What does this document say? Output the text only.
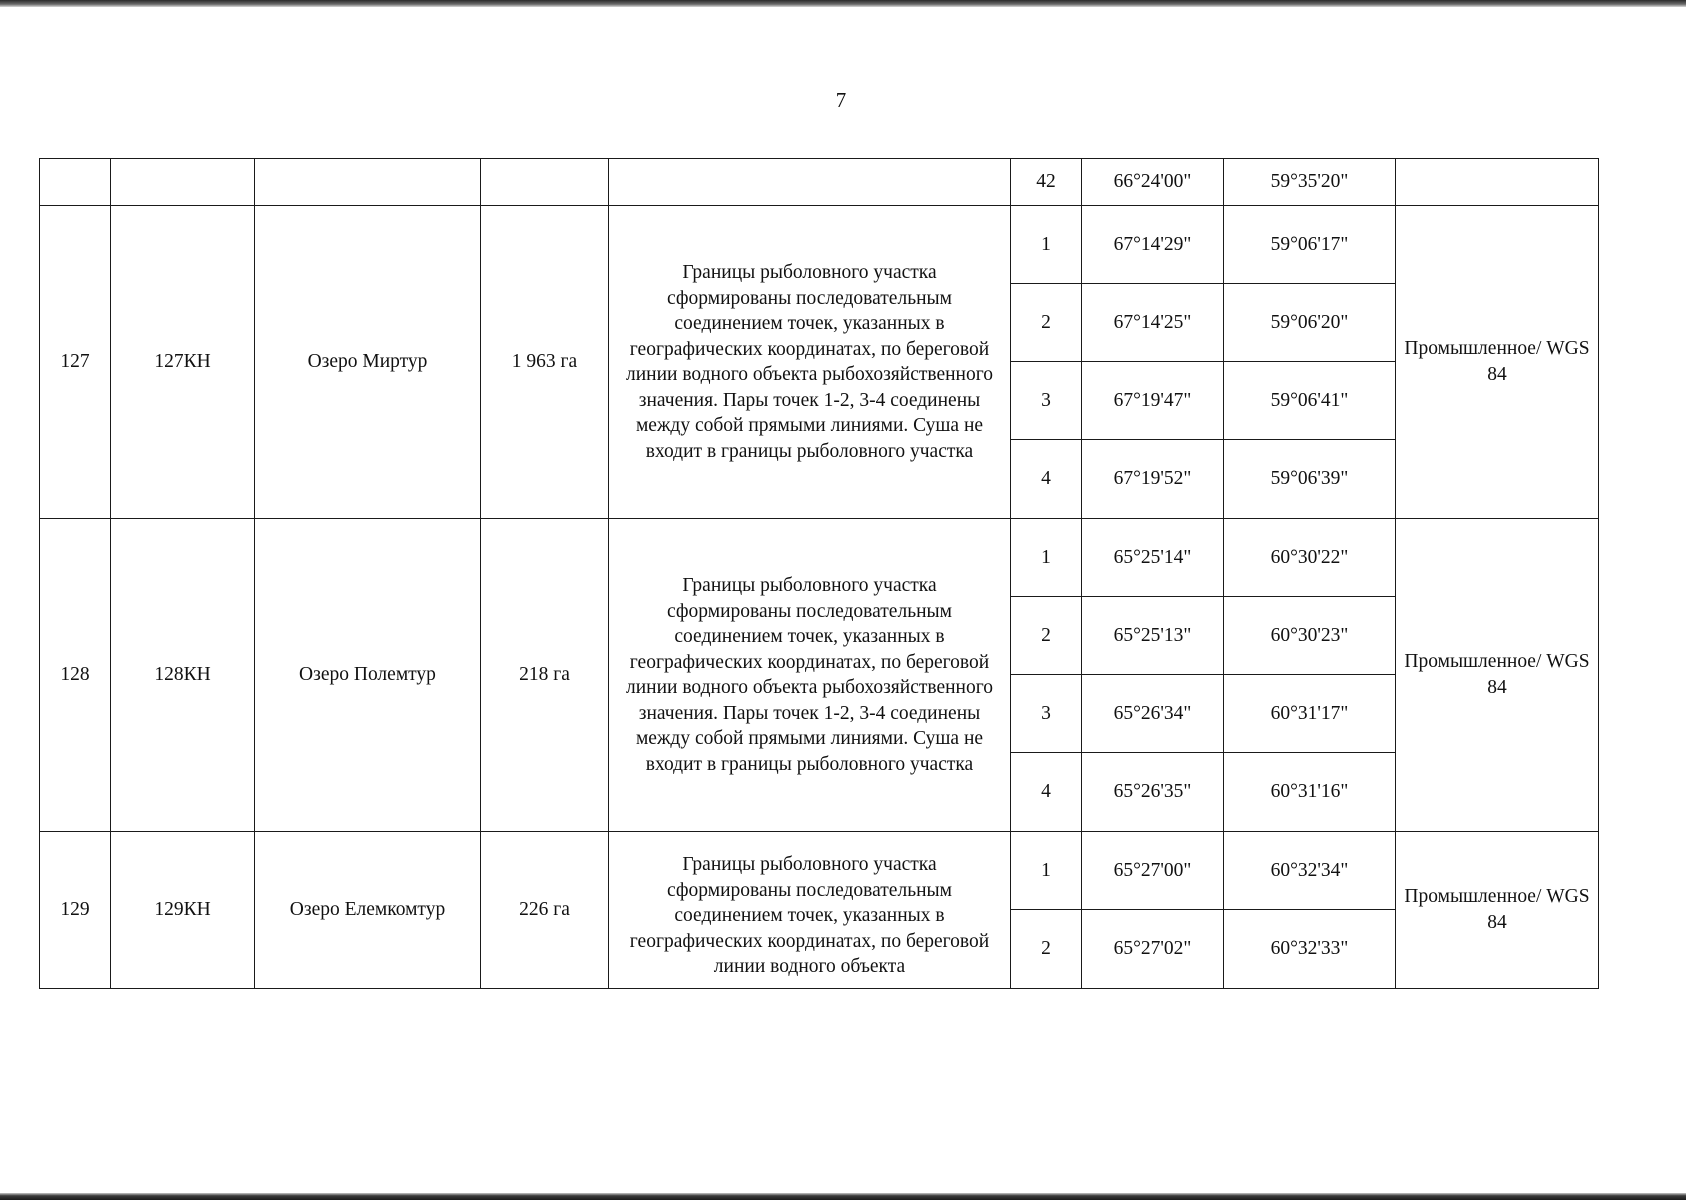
7
					42	66°24'00"	59°35'20"	
127	127КН	Озеро Миртур	1 963 га	Границы рыболовного участка сформированы последовательным соединением точек, указанных в географических координатах, по береговой линии водного объекта рыбохозяйственного значения. Пары точек 1-2, 3-4 соединены между собой прямыми линиями. Суша не входит в границы рыболовного участка	1	67°14'29"	59°06'17"	Промышленное/ WGS 84
					2	67°14'25"	59°06'20"	
					3	67°19'47"	59°06'41"	
					4	67°19'52"	59°06'39"	
128	128КН	Озеро Полемтур	218 га	Границы рыболовного участка сформированы последовательным соединением точек, указанных в географических координатах, по береговой линии водного объекта рыбохозяйственного значения. Пары точек 1-2, 3-4 соединены между собой прямыми линиями. Суша не входит в границы рыболовного участка	1	65°25'14"	60°30'22"	Промышленное/ WGS 84
					2	65°25'13"	60°30'23"	
					3	65°26'34"	60°31'17"	
					4	65°26'35"	60°31'16"	
129	129КН	Озеро Елемкомтур	226 га	Границы рыболовного участка сформированы последовательным соединением точек, указанных в географических координатах, по береговой линии водного объекта	1	65°27'00"	60°32'34"	Промышленное/ WGS 84
					2	65°27'02"	60°32'33"	
